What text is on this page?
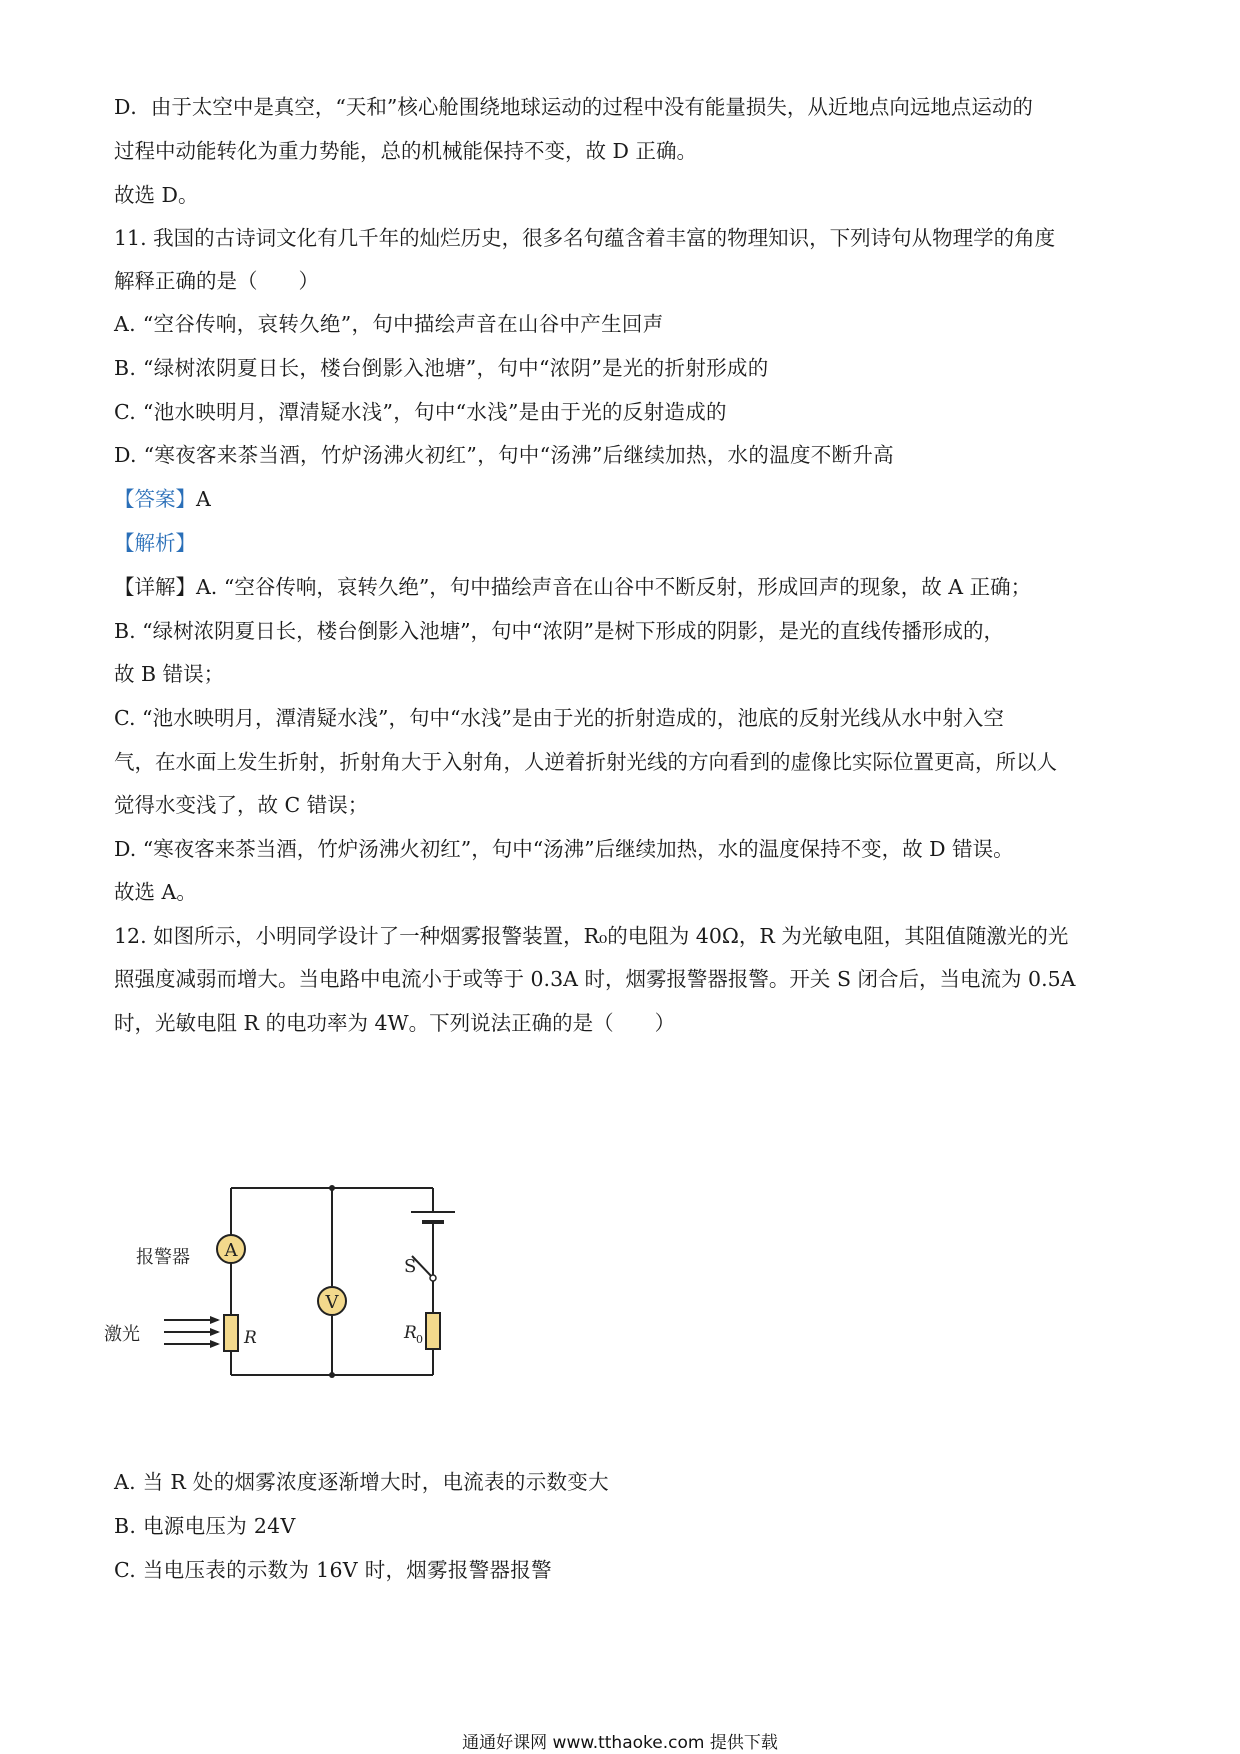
D．由于太空中是真空，“天和”核心舱围绕地球运动的过程中没有能量损失，从近地点向远地点运动的
过程中动能转化为重力势能，总的机械能保持不变，故 D 正确。
故选 D。
11. 我国的古诗词文化有几千年的灿烂历史，很多名句蕴含着丰富的物理知识，下列诗句从物理学的角度
解释正确的是（　　）
A. “空谷传响，哀转久绝”，句中描绘声音在山谷中产生回声
B. “绿树浓阴夏日长，楼台倒影入池塘”，句中“浓阴”是光的折射形成的
C. “池水映明月，潭清疑水浅”，句中“水浅”是由于光的反射造成的
D. “寒夜客来茶当酒，竹炉汤沸火初红”，句中“汤沸”后继续加热，水的温度不断升高
【答案】A
【解析】
【详解】A. “空谷传响，哀转久绝”，句中描绘声音在山谷中不断反射，形成回声的现象，故 A 正确；
B. “绿树浓阴夏日长，楼台倒影入池塘”，句中“浓阴”是树下形成的阴影，是光的直线传播形成的，
故 B 错误；
C. “池水映明月，潭清疑水浅”，句中“水浅”是由于光的折射造成的，池底的反射光线从水中射入空
气，在水面上发生折射，折射角大于入射角，人逆着折射光线的方向看到的虚像比实际位置更高，所以人
觉得水变浅了，故 C 错误；
D. “寒夜客来茶当酒，竹炉汤沸火初红”，句中“汤沸”后继续加热，水的温度保持不变，故 D 错误。
故选 A。
12. 如图所示，小明同学设计了一种烟雾报警装置，R₀的电阻为 40Ω，R 为光敏电阻，其阻值随激光的光
照强度减弱而增大。当电路中电流小于或等于 0.3A 时，烟雾报警器报警。开关 S 闭合后，当电流为 0.5A
时，光敏电阻 R 的电功率为 4W。下列说法正确的是（　　）
A
V
报警器
激光	R
S
R 0
A. 当 R 处的烟雾浓度逐渐增大时，电流表的示数变大
B. 电源电压为 24V
C. 当电压表的示数为 16V 时，烟雾报警器报警
通通好课网 www.tthaoke.com 提供下载
